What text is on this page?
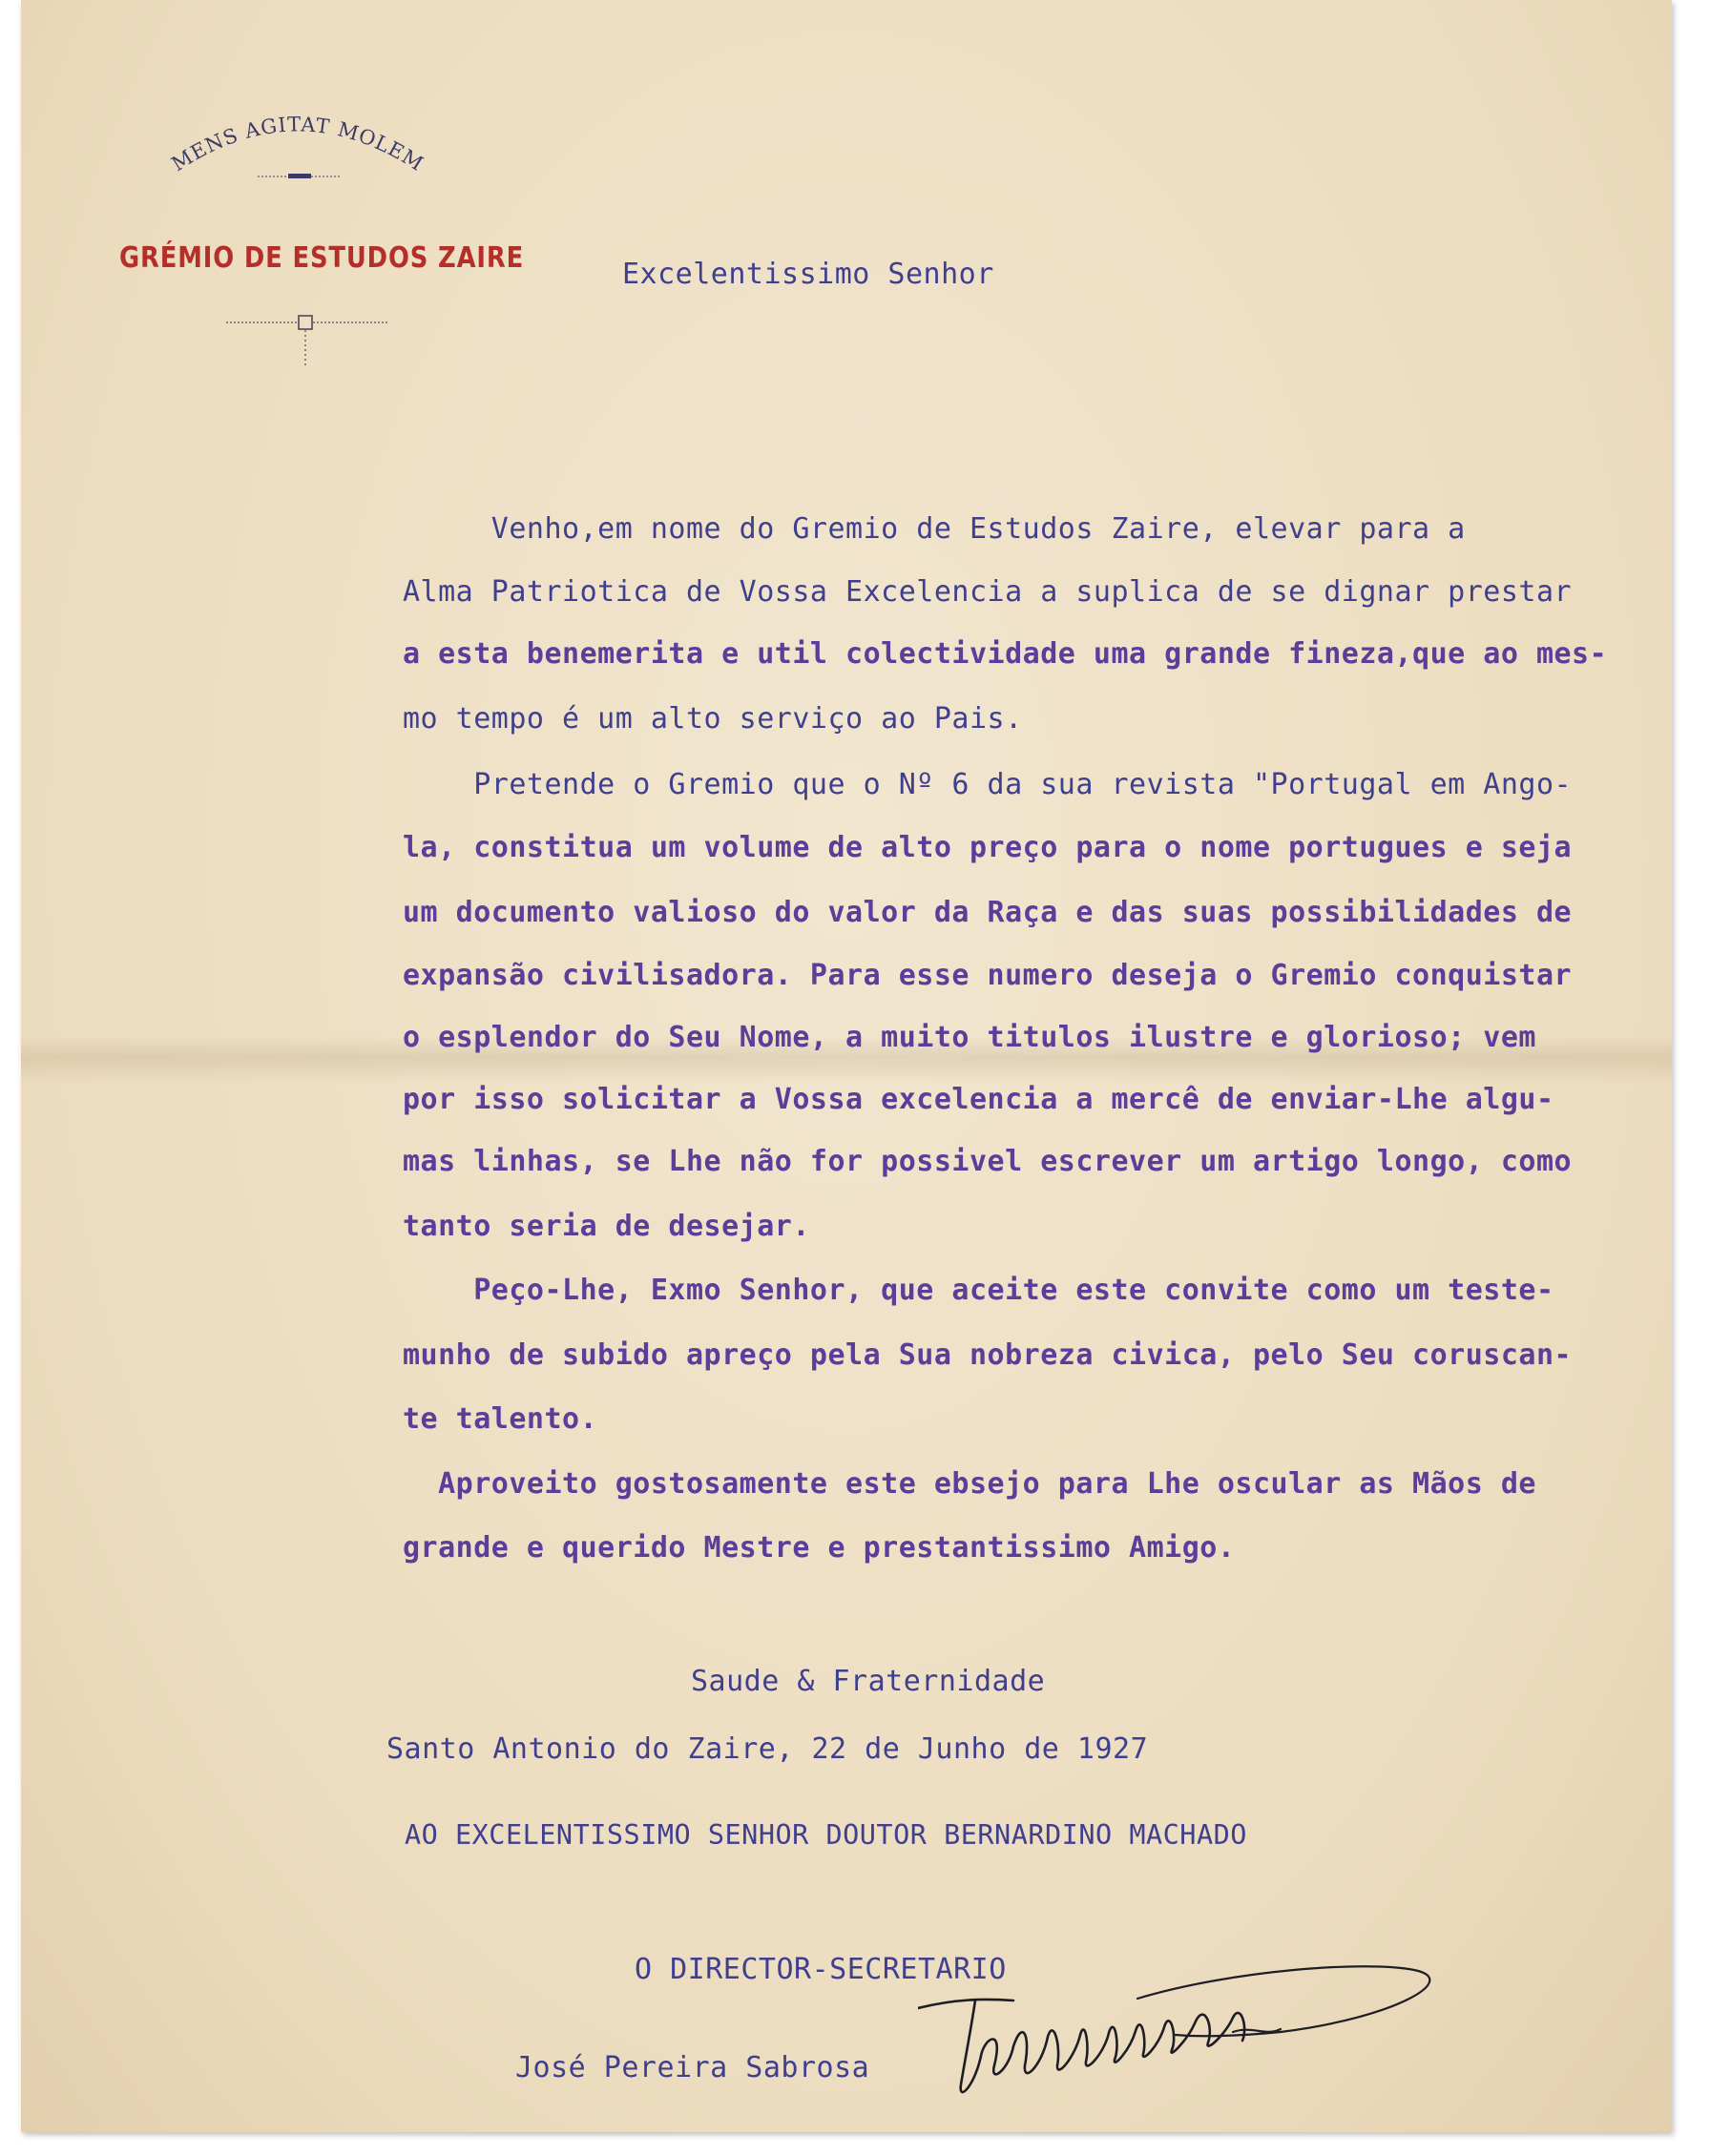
MENS AGITAT MOLEM
GRÉMIO DE ESTUDOS ZAIRE	Excelentissimo Senhor
Venho,em nome do Gremio de Estudos Zaire, elevar para a
Alma Patriotica de Vossa Excelencia a suplica de se dignar prestar
a esta benemerita e util colectividade uma grande fineza,que ao mes-
mo tempo é um alto serviço ao Pais.
Pretende o Gremio que o Nº 6 da sua revista "Portugal em Ango-
la, constitua um volume de alto preço para o nome portugues e seja
um documento valioso do valor da Raça e das suas possibilidades de
expansão civilisadora. Para esse numero deseja o Gremio conquistar
o esplendor do Seu Nome, a muito titulos ilustre e glorioso; vem
por isso solicitar a Vossa excelencia a mercê de enviar-Lhe algu-
mas linhas, se Lhe não for possivel escrever um artigo longo, como
tanto seria de desejar.
Peço-Lhe, Exmo Senhor, que aceite este convite como um teste-
munho de subido apreço pela Sua nobreza civica, pelo Seu coruscan-
te talento.
Aproveito gostosamente este ebsejo para Lhe oscular as Mãos de
grande e querido Mestre e prestantissimo Amigo.
Saude & Fraternidade
Santo Antonio do Zaire, 22 de Junho de 1927
AO EXCELENTISSIMO SENHOR DOUTOR BERNARDINO MACHADO
O DIRECTOR-SECRETARIO
José Pereira Sabrosa
